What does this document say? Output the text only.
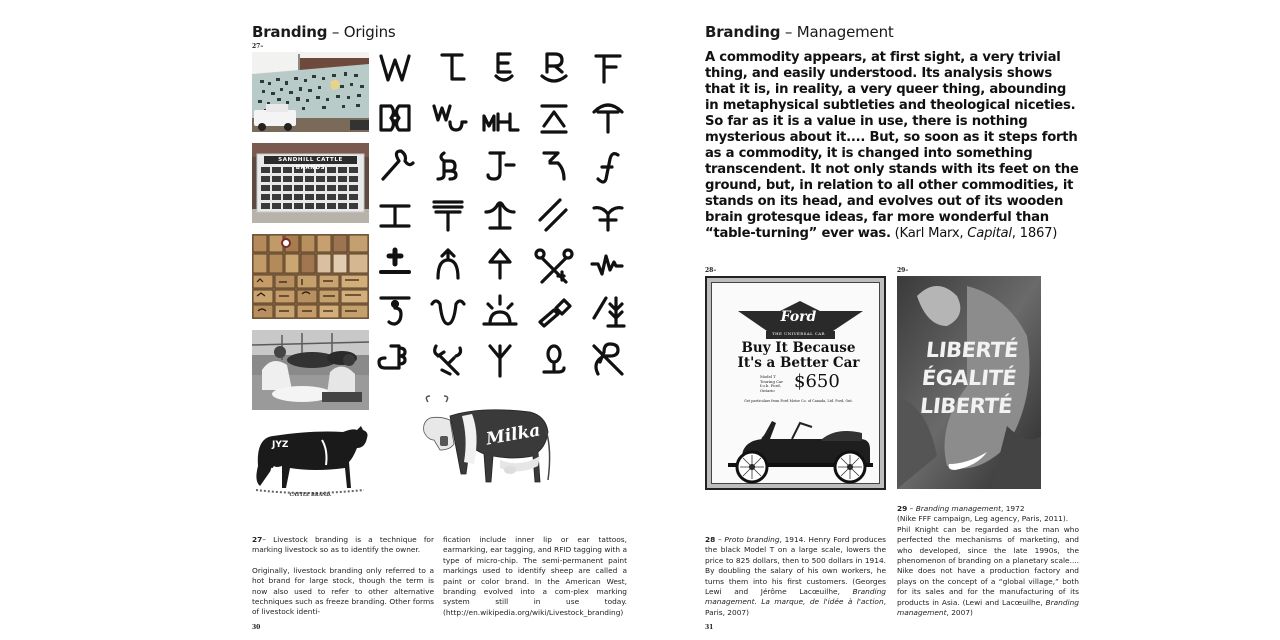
Branding – Origins
27–
SANDHILL CATTLE BRANDS
JYZ
CATTLE BRAND.
Milka

27– Livestock branding is a technique for marking livestock so as to identify the owner.

Originally, livestock branding only referred to a hot brand for large stock, though the term is now also used to refer to other alternative techniques such as freeze branding. Other forms of livestock identi-

fication include inner lip or ear tattoos, earmarking, ear tagging, and RFID tagging with a type of micro-chip. The semi-permanent paint markings used to identify sheep are called a paint or color brand. In the American West, branding evolved into a com-plex marking system still in use today. (http://en.wikipedia.org/wiki/Livestock_branding)
30
Branding – Management
A commodity appears, at first sight, a very trivial thing, and easily understood. Its analysis shows that it is, in reality, a very queer thing, abounding in metaphysical subtleties and theological niceties. So far as it is a value in use, there is nothing mysterious about it.... But, so soon as it steps forth as a commodity, it is changed into something transcendent. It not only stands with its feet on the ground, but, in relation to all other commodities, it stands on its head, and evolves out of its wooden brain grotesque ideas, far more wonderful than “table-turning” ever was. (Karl Marx, Capital, 1867)
28–	29–
Ford
THE UNIVERSAL CAR
Buy It Because
It's a Better Car
Model T
Touring Car
f.o.b. Ford,
Ontario	$650
Get particulars from Ford Motor Co. of Canada, Ltd. Ford, Ont.
LIBERTÉ
ÉGALITÉ
LIBERTÉ
28 – Proto branding, 1914. Henry Ford produces the black Model T on a large scale, lowers the price to 825 dollars, then to 500 dollars in 1914. By doubling the salary of his own workers, he turns them into his first customers. (Georges Lewi and Jérôme Lacœuilhe, Branding management. La marque, de l'idée à l'action, Paris, 2007)

29 – Branding management, 1972

(Nike FFF campaign, Leg agency, Paris, 2011).

Phil Knight can be regarded as the man who perfected the mechanisms of marketing, and who developed, since the late 1990s, the phenomenon of branding on a planetary scale.... Nike does not have a production factory and plays on the concept of a “global village,” both for its sales and for the manufacturing of its products in Asia. (Lewi and Lacœuilhe, Branding management, 2007)

31
